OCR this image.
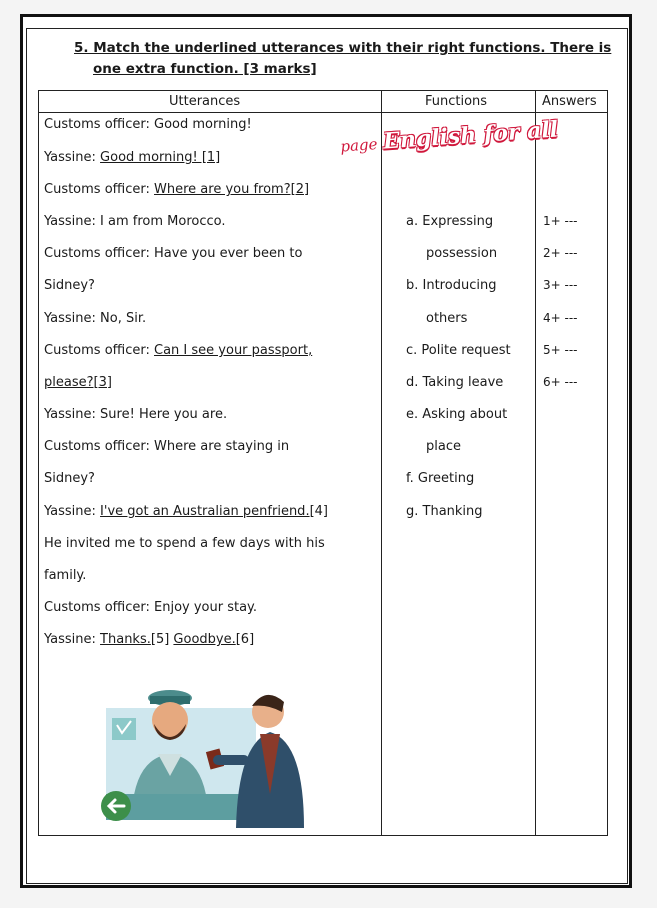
5. Match the underlined utterances with their right functions. There is
one extra function. [3 marks]
Utterances	Functions	Answers
Customs officer: Good morning!
Yassine: Good morning! [1]
Customs officer: Where are you from?[2]
Yassine: I am from Morocco.
Customs officer: Have you ever been to
Sidney?
Yassine: No, Sir.
Customs officer: Can I see your passport,
please?[3]
Yassine: Sure! Here you are.
Customs officer: Where are staying in
Sidney?
Yassine: I've got an Australian penfriend.[4]
He invited me to spend a few days with his
family.
Customs officer: Enjoy your stay.
Yassine: Thanks.[5] Goodbye.[6]
a. Expressing
possession
b. Introducing
others
c. Polite request
d. Taking leave
e. Asking about
place
f. Greeting
g. Thanking
1+ ---
2+ ---
3+ ---
4+ ---
5+ ---
6+ ---
page English for all
